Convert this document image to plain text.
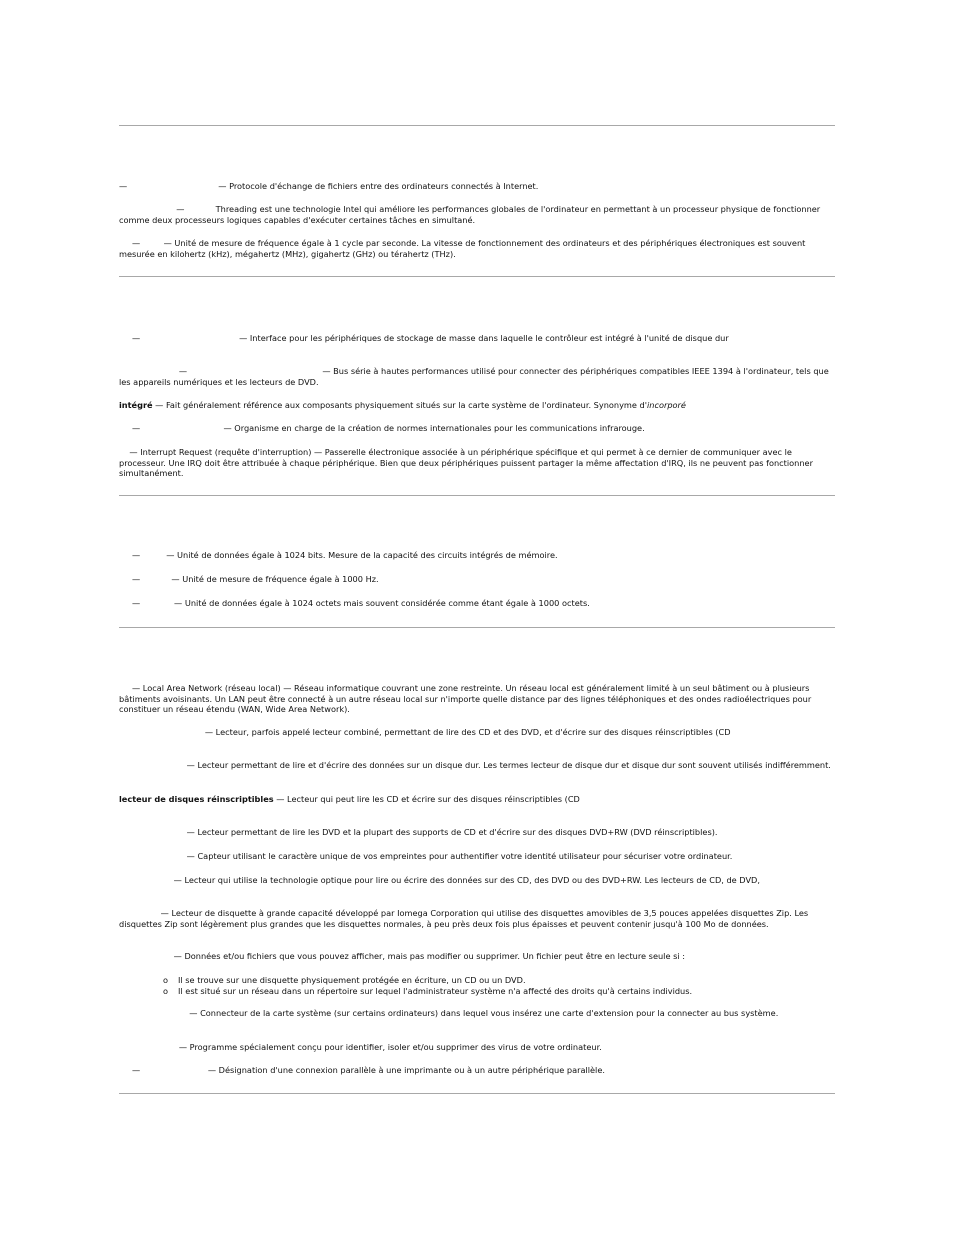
—                                   — Protocole d'échange de fichiers entre des ordinateurs connectés à Internet.
—            Threading est une technologie Intel qui améliore les performances globales de l'ordinateur en permettant à un processeur physique de fonctionner comme deux processeurs logiques capables d'exécuter certaines tâches en simultané.
—         — Unité de mesure de fréquence égale à 1 cycle par seconde. La vitesse de fonctionnement des ordinateurs et des périphériques électroniques est souvent mesurée en kilohertz (kHz), mégahertz (MHz), gigahertz (GHz) ou térahertz (THz).
—                                      — Interface pour les périphériques de stockage de masse dans laquelle le contrôleur est intégré à l'unité de disque dur
—                                                    — Bus série à hautes performances utilisé pour connecter des périphériques compatibles IEEE 1394 à l'ordinateur, tels que les appareils numériques et les lecteurs de DVD.
intégré — Fait généralement référence aux composants physiquement situés sur la carte système de l'ordinateur. Synonyme d'incorporé
—                                — Organisme en charge de la création de normes internationales pour les communications infrarouge.
— Interrupt Request (requête d'interruption) — Passerelle électronique associée à un périphérique spécifique et qui permet à ce dernier de communiquer avec le processeur. Une IRQ doit être attribuée à chaque périphérique. Bien que deux périphériques puissent partager la même affectation d'IRQ, ils ne peuvent pas fonctionner simultanément.
—          — Unité de données égale à 1024 bits. Mesure de la capacité des circuits intégrés de mémoire.
—            — Unité de mesure de fréquence égale à 1000 Hz.
—             — Unité de données égale à 1024 octets mais souvent considérée comme étant égale à 1000 octets.
— Local Area Network (réseau local) — Réseau informatique couvrant une zone restreinte. Un réseau local est généralement limité à un seul bâtiment ou à plusieurs bâtiments avoisinants. Un LAN peut être connecté à un autre réseau local sur n'importe quelle distance par des lignes téléphoniques et des ondes radioélectriques pour constituer un réseau étendu (WAN, Wide Area Network).
— Lecteur, parfois appelé lecteur combiné, permettant de lire des CD et des DVD, et d'écrire sur des disques réinscriptibles (CD
— Lecteur permettant de lire et d'écrire des données sur un disque dur. Les termes lecteur de disque dur et disque dur sont souvent utilisés indifféremment.
lecteur de disques réinscriptibles — Lecteur qui peut lire les CD et écrire sur des disques réinscriptibles (CD
— Lecteur permettant de lire les DVD et la plupart des supports de CD et d'écrire sur des disques DVD+RW (DVD réinscriptibles).
— Capteur utilisant le caractère unique de vos empreintes pour authentifier votre identité utilisateur pour sécuriser votre ordinateur.
— Lecteur qui utilise la technologie optique pour lire ou écrire des données sur des CD, des DVD ou des DVD+RW. Les lecteurs de CD, de DVD,
— Lecteur de disquette à grande capacité développé par Iomega Corporation qui utilise des disquettes amovibles de 3,5 pouces appelées disquettes Zip. Les disquettes Zip sont légèrement plus grandes que les disquettes normales, à peu près deux fois plus épaisses et peuvent contenir jusqu'à 100 Mo de données.
— Données et/ou fichiers que vous pouvez afficher, mais pas modifier ou supprimer. Un fichier peut être en lecture seule si :
o Il se trouve sur une disquette physiquement protégée en écriture, un CD ou un DVD.
o Il est situé sur un réseau dans un répertoire sur lequel l'administrateur système n'a affecté des droits qu'à certains individus.
— Connecteur de la carte système (sur certains ordinateurs) dans lequel vous insérez une carte d'extension pour la connecter au bus système.
— Programme spécialement conçu pour identifier, isoler et/ou supprimer des virus de votre ordinateur.
—                          — Désignation d'une connexion parallèle à une imprimante ou à un autre périphérique parallèle.
